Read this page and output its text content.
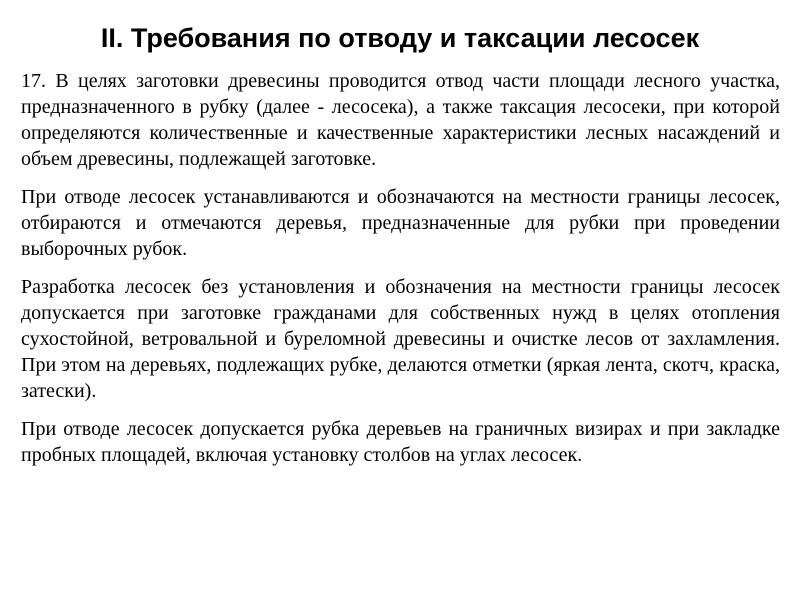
II. Требования по отводу и таксации лесосек

17. В целях заготовки древесины проводится отвод части площади лесного участка, предназначенного в рубку (далее - лесосека), а также таксация лесосеки, при которой определяются количественные и качественные характеристики лесных насаждений и объем древесины, подлежащей заготовке.

При отводе лесосек устанавливаются и обозначаются на местности границы лесосек, отбираются и отмечаются деревья, предназначенные для рубки при проведении выборочных рубок.

Разработка лесосек без установления и обозначения на местности границы лесосек допускается при заготовке гражданами для собственных нужд в целях отопления сухостойной, ветровальной и буреломной древесины и очистке лесов от захламления. При этом на деревьях, подлежащих рубке, делаются отметки (яркая лента, скотч, краска, затески).

При отводе лесосек допускается рубка деревьев на граничных визирах и при закладке пробных площадей, включая установку столбов на углах лесосек.
